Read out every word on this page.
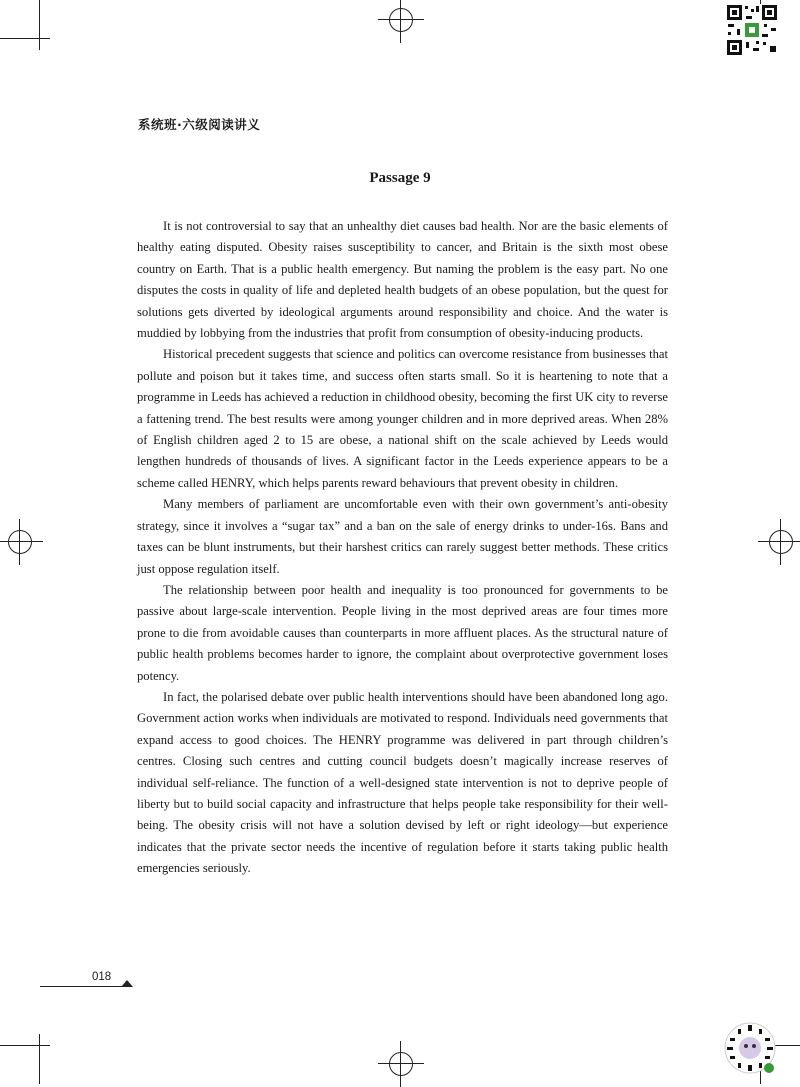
系统班·六级阅读讲义
Passage 9

It is not controversial to say that an unhealthy diet causes bad health. Nor are the basic elements of healthy eating disputed. Obesity raises susceptibility to cancer, and Britain is the sixth most obese country on Earth. That is a public health emergency. But naming the problem is the easy part. No one disputes the costs in quality of life and depleted health budgets of an obese population, but the quest for solutions gets diverted by ideological arguments around responsibility and choice. And the water is muddied by lobbying from the industries that profit from consumption of obesity-inducing products.

Historical precedent suggests that science and politics can overcome resistance from businesses that pollute and poison but it takes time, and success often starts small. So it is heartening to note that a programme in Leeds has achieved a reduction in childhood obesity, becoming the first UK city to reverse a fattening trend. The best results were among younger children and in more deprived areas. When 28% of English children aged 2 to 15 are obese, a national shift on the scale achieved by Leeds would lengthen hundreds of thousands of lives. A significant factor in the Leeds experience appears to be a scheme called HENRY, which helps parents reward behaviours that prevent obesity in children.

Many members of parliament are uncomfortable even with their own government’s anti-obesity strategy, since it involves a “sugar tax” and a ban on the sale of energy drinks to under-16s. Bans and taxes can be blunt instruments, but their harshest critics can rarely suggest better methods. These critics just oppose regulation itself.

The relationship between poor health and inequality is too pronounced for governments to be passive about large-scale intervention. People living in the most deprived areas are four times more prone to die from avoidable causes than counterparts in more affluent places. As the structural nature of public health problems becomes harder to ignore, the complaint about overprotective government loses potency.

In fact, the polarised debate over public health interventions should have been abandoned long ago. Government action works when individuals are motivated to respond. Individuals need governments that expand access to good choices. The HENRY programme was delivered in part through children’s centres. Closing such centres and cutting council budgets doesn’t magically increase reserves of individual self-reliance. The function of a well-designed state intervention is not to deprive people of liberty but to build social capacity and infrastructure that helps people take responsibility for their well-being. The obesity crisis will not have a solution devised by left or right ideology—but experience indicates that the private sector needs the incentive of regulation before it starts taking public health emergencies seriously.

018
